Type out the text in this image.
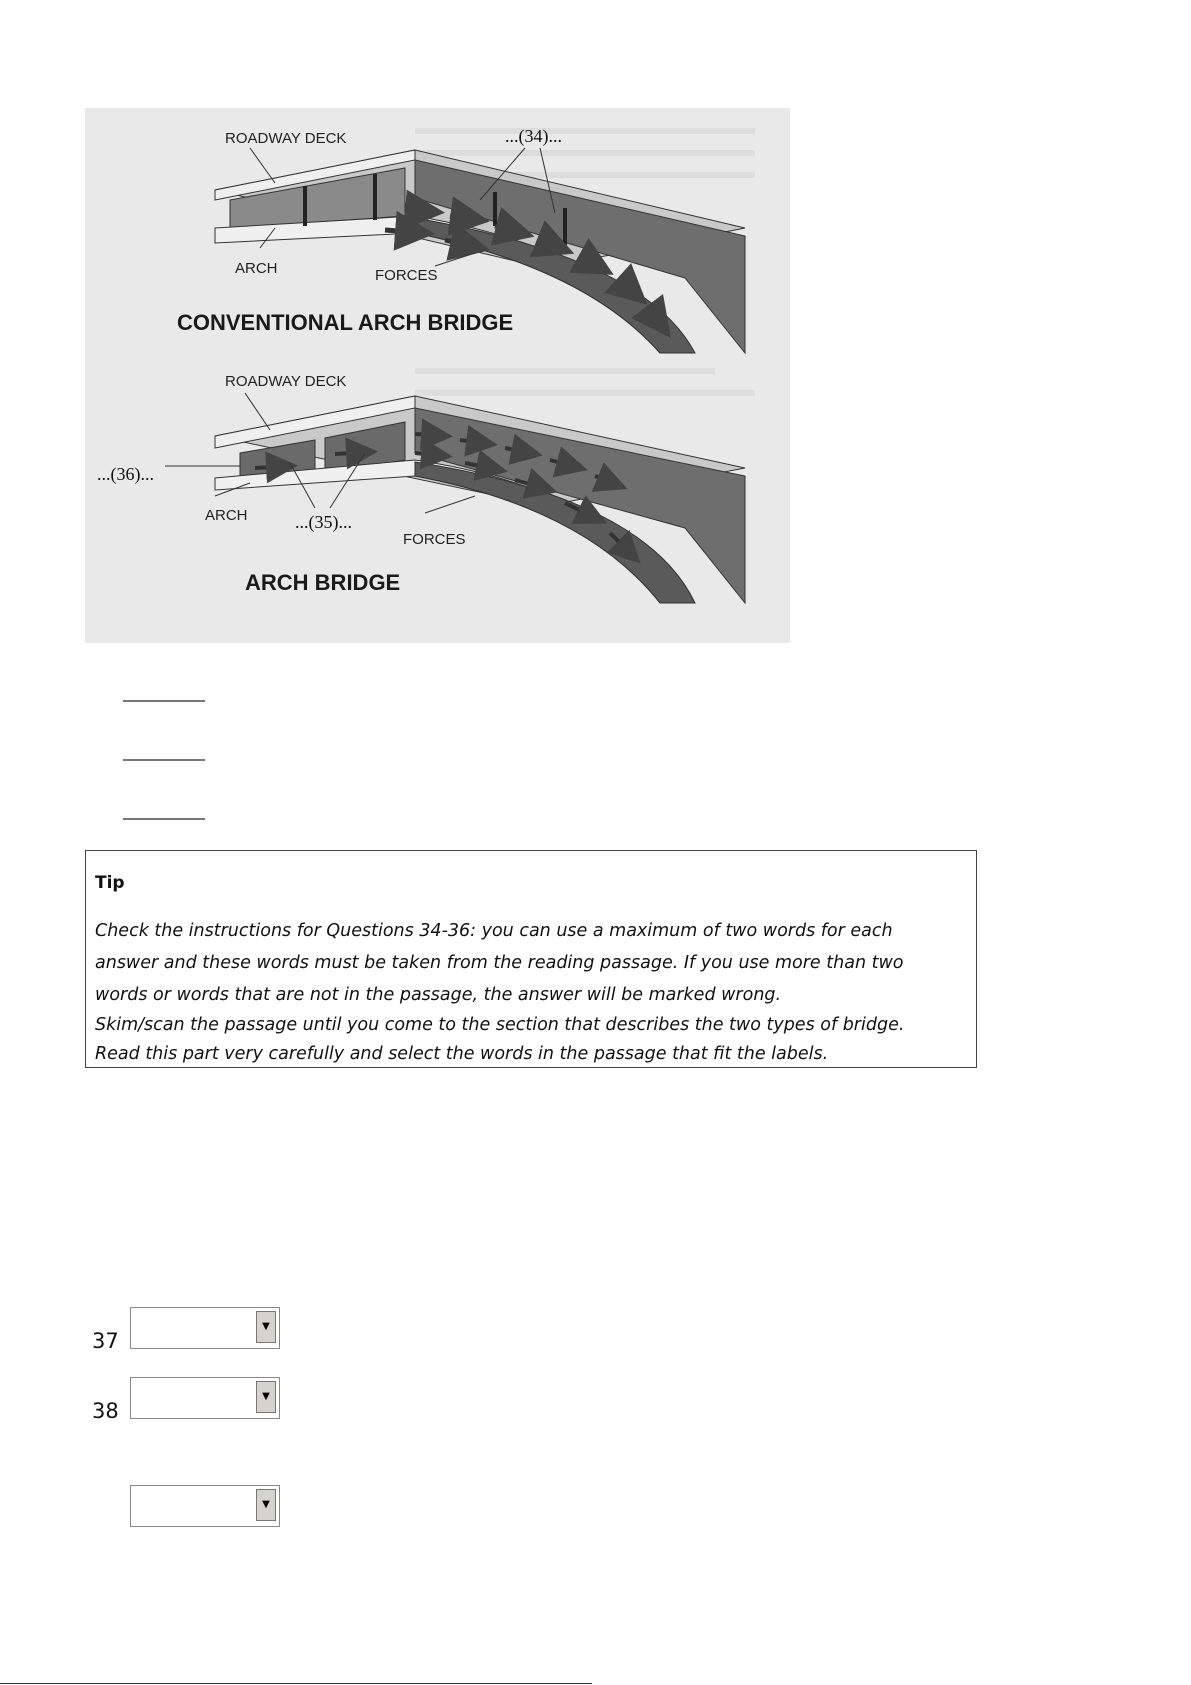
ROADWAY DECK	...(34)...
ARCH	FORCES
CONVENTIONAL ARCH BRIDGE
ROADWAY DECK
...(36)...
ARCH	...(35)...
FORCES
ARCH BRIDGE
Tip
Check the instructions for Questions 34-36: you can use a maximum of two words for each
answer and these words must be taken from the reading passage. If you use more than two
words or words that are not in the passage, the answer will be marked wrong.
Skim/scan the passage until you come to the section that describes the two types of bridge.
Read this part very carefully and select the words in the passage that fit the labels.
37
▼
38
▼
▼
